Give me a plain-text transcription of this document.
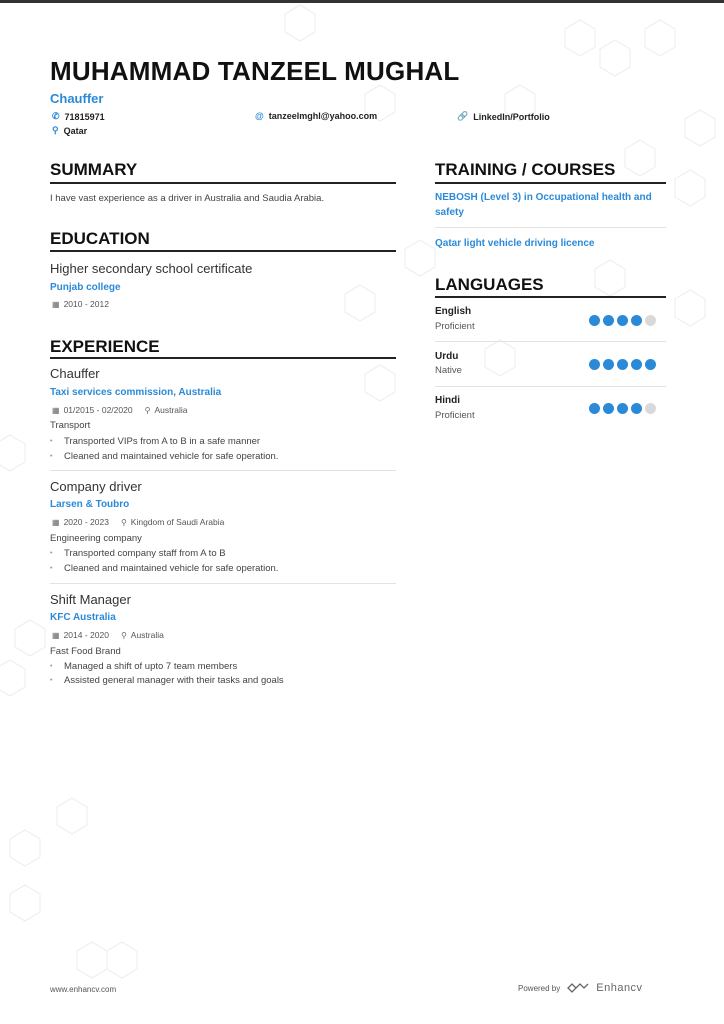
MUHAMMAD TANZEEL MUGHAL
Chauffer
✆ 71815971	@ tanzeelmghl@yahoo.com	🔗 LinkedIn/Portfolio
⚲ Qatar
SUMMARY
I have vast experience as a driver in Australia and Saudia Arabia.
EDUCATION
Higher secondary school certificate
Punjab college
▦ 2010 - 2012
EXPERIENCE
Chauffer
Taxi services commission, Australia
▦ 01/2015 - 02/2020 ⚲ Australia
Transport
• Transported VIPs from A to B in a safe manner
• Cleaned and maintained vehicle for safe operation.
Company driver
Larsen & Toubro
▦ 2020 - 2023 ⚲ Kingdom of Saudi Arabia
Engineering company
• Transported company staff from A to B
• Cleaned and maintained vehicle for safe operation.
Shift Manager
KFC Australia
▦ 2014 - 2020 ⚲ Australia
Fast Food Brand
• Managed a shift of upto 7 team members
• Assisted general manager with their tasks and goals
TRAINING / COURSES
NEBOSH (Level 3) in Occupational health and safety
Qatar light vehicle driving licence
LANGUAGES
English
Proficient
Urdu
Native
Hindi
Proficient
www.enhancv.com	Powered by	Enhancv
